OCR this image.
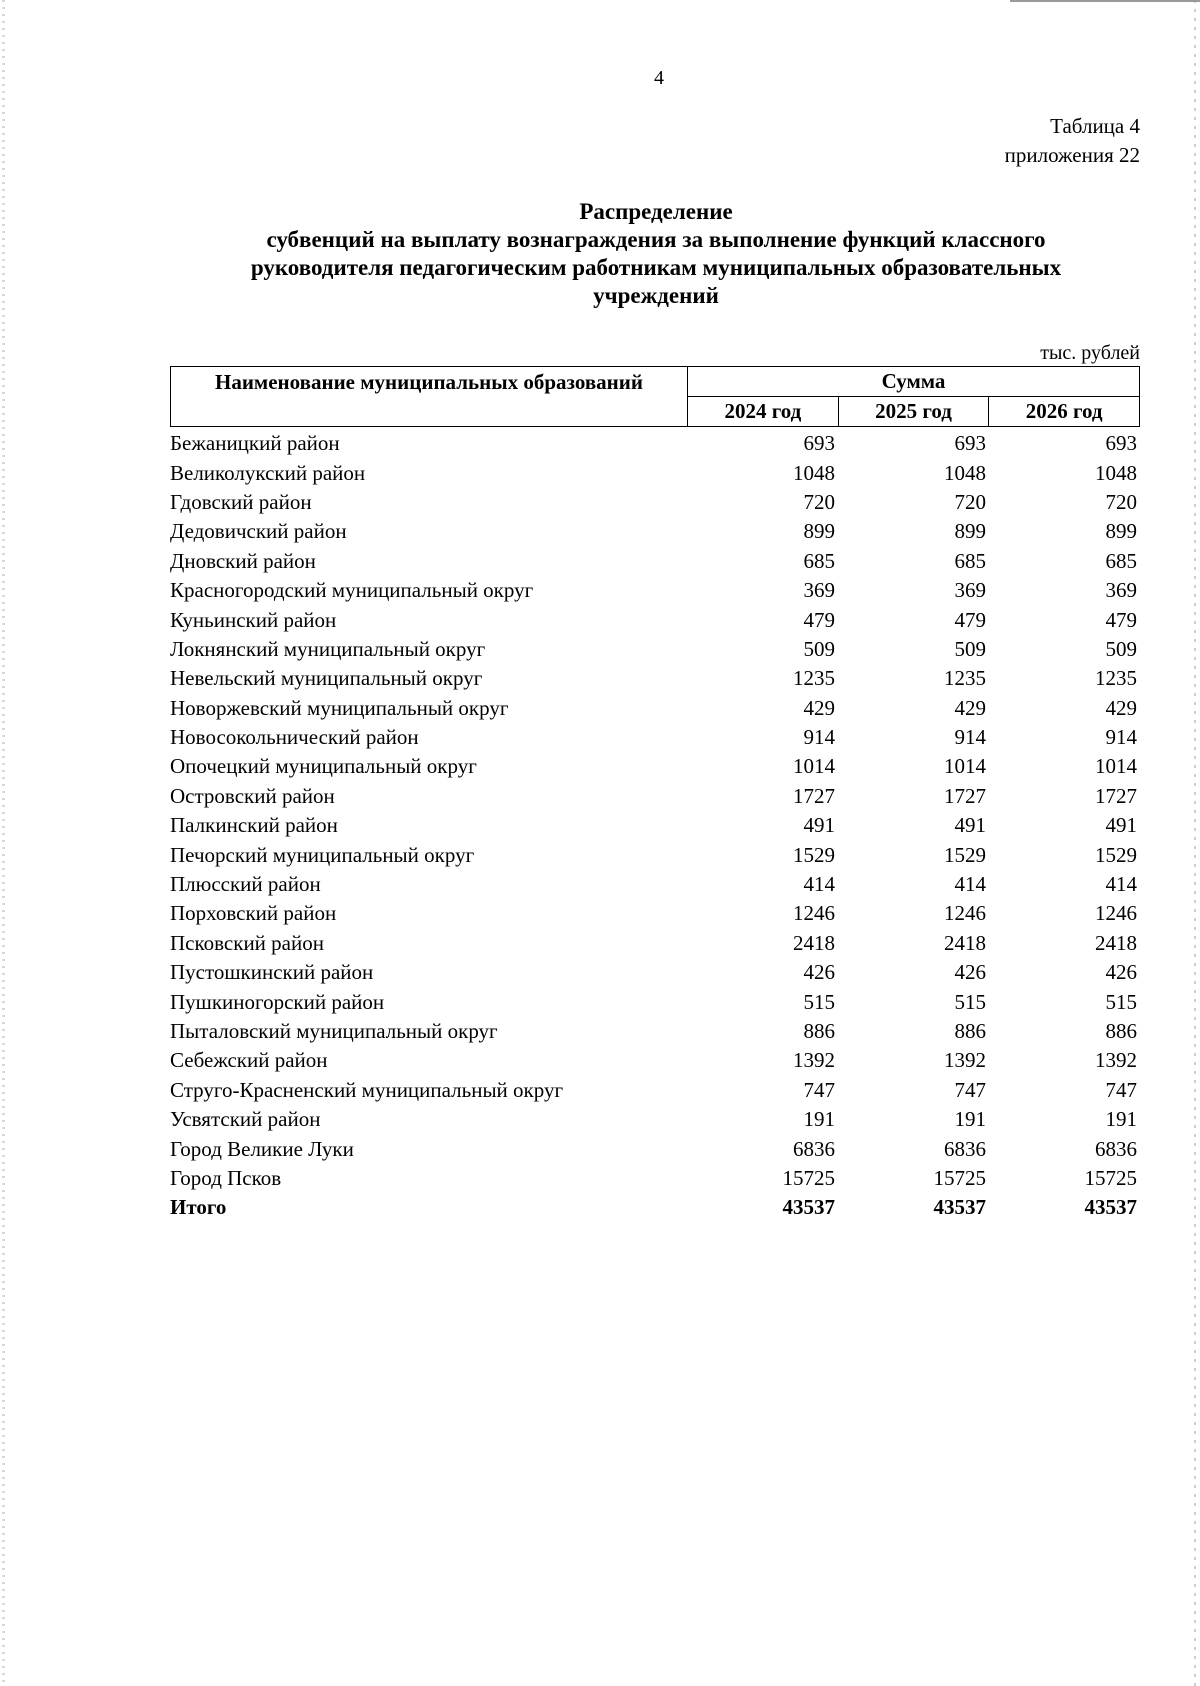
4
Таблица 4
приложения 22
Распределение
субвенций на выплату вознаграждения за выполнение функций классного
руководителя педагогическим работникам муниципальных образовательных
учреждений
тыс. рублей
Наименование муниципальных образований	Сумма		
	2024 год	2025 год	2026 год
Бежаницкий район	693	693	693
Великолукский район	1048	1048	1048
Гдовский район	720	720	720
Дедовичский район	899	899	899
Дновский район	685	685	685
Красногородский муниципальный округ	369	369	369
Куньинский район	479	479	479
Локнянский муниципальный округ	509	509	509
Невельский муниципальный округ	1235	1235	1235
Новоржевский муниципальный округ	429	429	429
Новосокольнический район	914	914	914
Опочецкий муниципальный округ	1014	1014	1014
Островский район	1727	1727	1727
Палкинский район	491	491	491
Печорский муниципальный округ	1529	1529	1529
Плюсский район	414	414	414
Порховский район	1246	1246	1246
Псковский район	2418	2418	2418
Пустошкинский район	426	426	426
Пушкиногорский район	515	515	515
Пыталовский муниципальный округ	886	886	886
Себежский район	1392	1392	1392
Струго-Красненский муниципальный округ	747	747	747
Усвятский район	191	191	191
Город Великие Луки	6836	6836	6836
Город Псков	15725	15725	15725
Итого	43537	43537	43537
